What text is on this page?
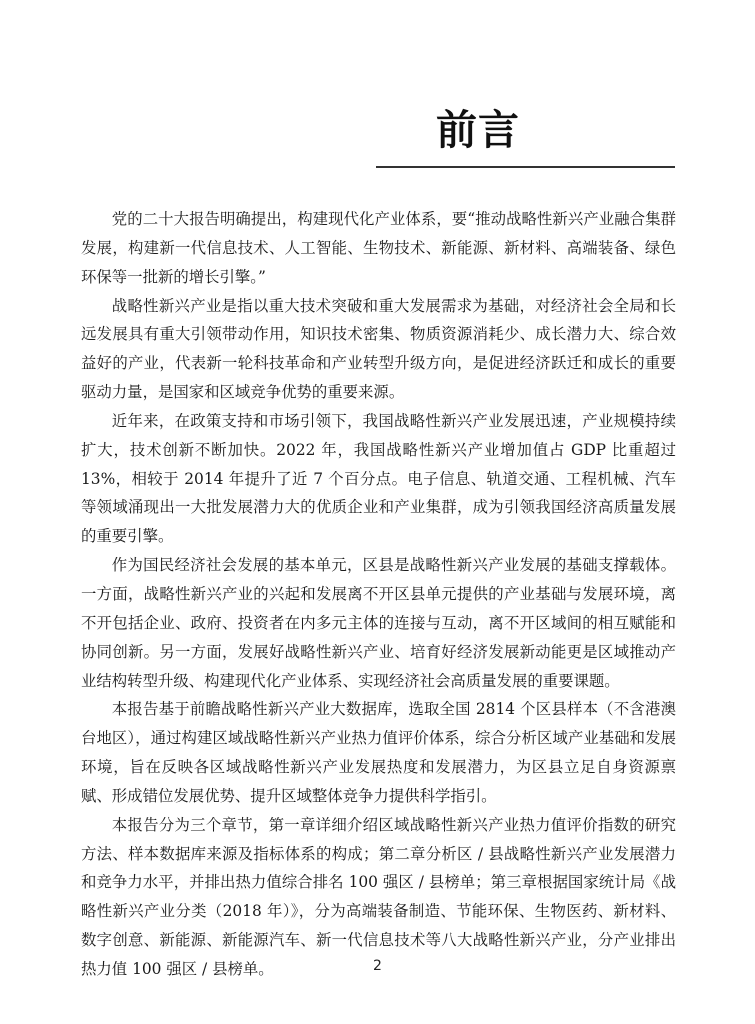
前言

党的二十大报告明确提出，构建现代化产业体系，要“推动战略性新兴产业融合集群发展，构建新一代信息技术、人工智能、生物技术、新能源、新材料、高端装备、绿色环保等一批新的增长引擎。”

战略性新兴产业是指以重大技术突破和重大发展需求为基础，对经济社会全局和长远发展具有重大引领带动作用，知识技术密集、物质资源消耗少、成长潜力大、综合效益好的产业，代表新一轮科技革命和产业转型升级方向，是促进经济跃迁和成长的重要驱动力量，是国家和区域竞争优势的重要来源。

近年来，在政策支持和市场引领下，我国战略性新兴产业发展迅速，产业规模持续扩大，技术创新不断加快。2022 年，我国战略性新兴产业增加值占 GDP 比重超过 13%，相较于 2014 年提升了近 7 个百分点。电子信息、轨道交通、工程机械、汽车等领域涌现出一大批发展潜力大的优质企业和产业集群，成为引领我国经济高质量发展的重要引擎。

作为国民经济社会发展的基本单元，区县是战略性新兴产业发展的基础支撑载体。一方面，战略性新兴产业的兴起和发展离不开区县单元提供的产业基础与发展环境，离不开包括企业、政府、投资者在内多元主体的连接与互动，离不开区域间的相互赋能和协同创新。另一方面，发展好战略性新兴产业、培育好经济发展新动能更是区域推动产业结构转型升级、构建现代化产业体系、实现经济社会高质量发展的重要课题。

本报告基于前瞻战略性新兴产业大数据库，选取全国 2814 个区县样本（不含港澳台地区），通过构建区域战略性新兴产业热力值评价体系，综合分析区域产业基础和发展环境，旨在反映各区域战略性新兴产业发展热度和发展潜力，为区县立足自身资源禀赋、形成错位发展优势、提升区域整体竞争力提供科学指引。

本报告分为三个章节，第一章详细介绍区域战略性新兴产业热力值评价指数的研究方法、样本数据库来源及指标体系的构成；第二章分析区 / 县战略性新兴产业发展潜力和竞争力水平，并排出热力值综合排名 100 强区 / 县榜单；第三章根据国家统计局《战略性新兴产业分类（2018 年）》，分为高端装备制造、节能环保、生物医药、新材料、数字创意、新能源、新能源汽车、新一代信息技术等八大战略性新兴产业，分产业排出热力值 100 强区 / 县榜单。	2
